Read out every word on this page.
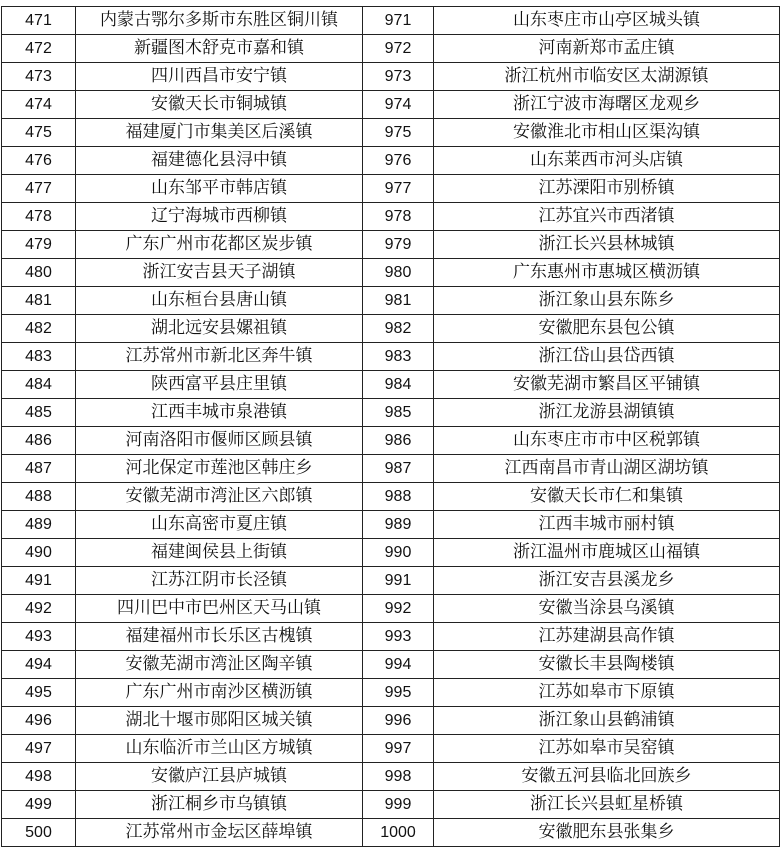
471	内蒙古鄂尔多斯市东胜区铜川镇	971	山东枣庄市山亭区城头镇
472	新疆图木舒克市嘉和镇	972	河南新郑市孟庄镇
473	四川西昌市安宁镇	973	浙江杭州市临安区太湖源镇
474	安徽天长市铜城镇	974	浙江宁波市海曙区龙观乡
475	福建厦门市集美区后溪镇	975	安徽淮北市相山区渠沟镇
476	福建德化县浔中镇	976	山东莱西市河头店镇
477	山东邹平市韩店镇	977	江苏溧阳市别桥镇
478	辽宁海城市西柳镇	978	江苏宜兴市西渚镇
479	广东广州市花都区炭步镇	979	浙江长兴县林城镇
480	浙江安吉县天子湖镇	980	广东惠州市惠城区横沥镇
481	山东桓台县唐山镇	981	浙江象山县东陈乡
482	湖北远安县嫘祖镇	982	安徽肥东县包公镇
483	江苏常州市新北区奔牛镇	983	浙江岱山县岱西镇
484	陕西富平县庄里镇	984	安徽芜湖市繁昌区平铺镇
485	江西丰城市泉港镇	985	浙江龙游县湖镇镇
486	河南洛阳市偃师区顾县镇	986	山东枣庄市市中区税郭镇
487	河北保定市莲池区韩庄乡	987	江西南昌市青山湖区湖坊镇
488	安徽芜湖市湾沚区六郎镇	988	安徽天长市仁和集镇
489	山东高密市夏庄镇	989	江西丰城市丽村镇
490	福建闽侯县上街镇	990	浙江温州市鹿城区山福镇
491	江苏江阴市长泾镇	991	浙江安吉县溪龙乡
492	四川巴中市巴州区天马山镇	992	安徽当涂县乌溪镇
493	福建福州市长乐区古槐镇	993	江苏建湖县高作镇
494	安徽芜湖市湾沚区陶辛镇	994	安徽长丰县陶楼镇
495	广东广州市南沙区横沥镇	995	江苏如皋市下原镇
496	湖北十堰市郧阳区城关镇	996	浙江象山县鹤浦镇
497	山东临沂市兰山区方城镇	997	江苏如皋市吴窑镇
498	安徽庐江县庐城镇	998	安徽五河县临北回族乡
499	浙江桐乡市乌镇镇	999	浙江长兴县虹星桥镇
500	江苏常州市金坛区薛埠镇	1000	安徽肥东县张集乡
